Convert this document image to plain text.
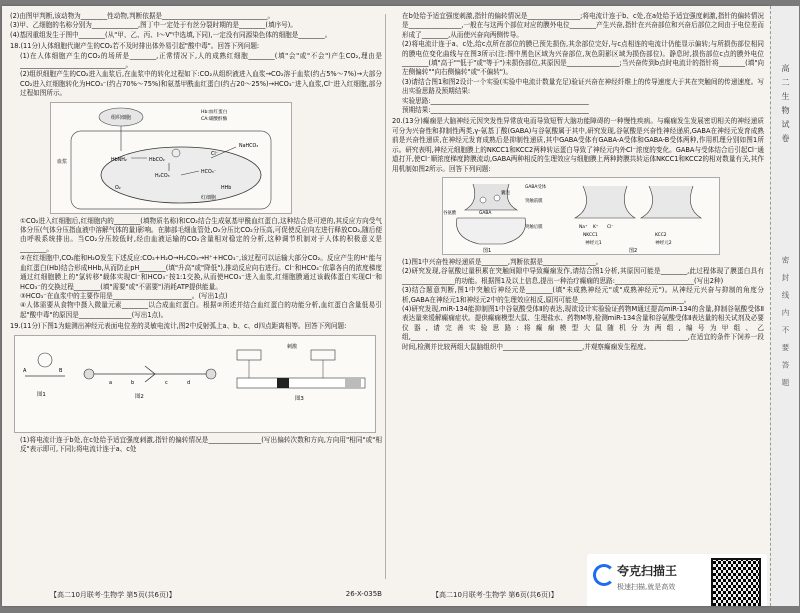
(2)由图甲判断,该动物为________性动物,判断依据是________________________________。

(3)甲、乙细胞的名称分别为______________,图丁中一定处于有丝分裂时期的是________(填序号)。

(4)基因重组发生于图中________(从"甲、乙、丙、Ⅰ～Ⅴ"中选填,下同),一定没有同源染色体的细胞是________。

18.(11分)人体细胞代谢产生的CO₂若不及时排出体外易引起"酸中毒"。回答下列问题:

(1)在人体细胞产生的CO₂的场所是________,正常情况下,人的成熟红细胞________(填"会"或"不会")产生CO₂,理由是________________________________。

(2)组织细胞产生的CO₂进入血浆后,在血浆中的转化过程如下:CO₂从组织液进入血浆→CO₂溶于血浆(约占5%～7%)→大部分CO₂进入红细胞转化为HCO₃⁻(约占70%～75%)和氨基甲酰血红蛋白(约占20～25%)→HCO₃⁻进入血浆,Cl⁻进入红细胞,部分过程如图所示。

组织细胞
Hb:血红蛋白
CA:碳酸酐酶
血浆
红细胞
HbNH₂	HbCO₂
H₂CO₃
HCO₃⁻
Cl⁻
NaHCO₃
HHb
O₂

①CO₂进入红细胞后,红细胞内的________(填物质名称)和CO₂结合生成氨基甲酰血红蛋白,这种结合是可逆的,其反应方向受气体分压(气体分压指血液中溶解气体的量)影响。在肺部毛细血管处,O₂分压比CO₂分压高,可促使反应向左进行释放CO₂,随后便由呼吸系统排出。当CO₂分压较低时,经由血液运输的CO₂含量相对稳定的分析,这种调节机制对于人体的积极意义是________。

②在红细胞中,CO₂能和H₂O发生下述反应:CO₂+H₂O→H₂CO₃→H⁺+HCO₃⁻,该过程可以运输大部分CO₂。反应产生的H⁺能与血红蛋白(Hb)结合形成HHb,从而防止pH________(填"升高"或"降低"),推动反应向右进行。Cl⁻和HCO₃⁻依靠各自的浓度梯度通过红细胞膜上的"氯转移"载体实现Cl⁻和HCO₃⁻按1:1交换,从而使HCO₃⁻进入血浆,红细胞膜通过该载体蛋白实现Cl⁻和HCO₃⁻的交换过程________(填"需要"或"不需要")消耗ATP提供能量。

③HCO₃⁻在血浆中的主要作用是________________________。(写出1点)

④人体需要从食物中摄入微量元素________以合成血红蛋白。根据②所述并结合血红蛋白的功能分析,血红蛋白含量低易引起"酸中毒"的原因是________________(写出1点)。

19.(11分)下图1为蛙测出神经元表面电位差的灵敏电流计,图2中反射弧上a、b、c、d四点距离相等。回答下列问题:

A	B
图1
a	b	c	d
图2
刺激
图3

(1)将电流计连于b处,在c处给予适宜强度刺激,指针的偏转情况是________________(写出偏转次数和方向,方向用"相同"或"相反"表示即可,下同);将电流计连于a、c处

在b处给予适宜强度刺激,指针的偏转情况是________________;将电流计连于b、c处,在a处给予适宜强度刺激,指针的偏转情况是________________,一般在与这两个部位对应的膜外电位________产生兴奋,指针在兴奋部位和兴奋后部位之间由于电位差而形成了________,从而使兴奋向两侧传导。

(2)将电流计连于a、c处,给c点所在部位的膜已预先损伤,其余部位完好,与c点相连的电流计仍能显示偏转;与所损伤部位相同的膜电位变化曲线与在图3所示(注:图中黑色区域为兴奋部位,灰色阴影区域为损伤部位)。静息时,损伤部位c点的膜外电位________(填"高于""低于"或"等于")未损伤部位,其原因是________________;当兴奋传到b点时电流计的指针将________(填"向左侧偏转""向右侧偏转"或"不偏转")。

(3)请结合图1和图2设计一个实验(实验中电流计数量充足)验证兴奋在神经纤维上的传导速度大于其在突触间的传递速度。写出实验思路及预期结果:

实验思路:________________________________________________

预期结果:________________________________________________

20.(13分)癫痫是大脑神经元因突发性异常放电而导致短暂大脑功能障碍的一种慢性疾病。与癫痫发生发展密切相关的神经递质可分为兴奋性和抑制性两类,γ-氨基丁酸(GABA)与谷氨酸属于其中,研究发现,谷氨酸是兴奋性神经递质,GABA在神经元发育成熟前是兴奋性递质,在神经元发育成熟后是抑制性递质,其中GABA受体有GABA-A受体和GABA-B受体两种,作用机理分别如图1所示。研究表明,神经元细胞膜上的NKCC1和KCC2两种转运蛋白导致了神经元内外Cl⁻浓度的变化。GABA与受体结合后引起Cl⁻通道打开,使Cl⁻顺浓度梯度跨膜流动,GABA两种相反的生理效应与细胞膜上两种跨膜共转运体NKCC1和KCC2的相对数量有关,其作用机制如图2所示。回答下列问题:

GABA受体
突触前膜
突触后膜
谷氨酸	GABA
囊泡
图1
Na⁺ K⁺ Cl⁻
NKCC1	KCC2
神经元1	神经元2
图2

(1)图1中兴奋性神经递质是________,判断依据是________________。

(2)研究发现,谷氨酸过量积累在突触间隙中导致癫痫发作,请结合图1分析,其原因可能是________,此过程体现了膜蛋白具有________________的功能。根据图1及以上信息,提出一种治疗癫痫的思路:________________________(写出2种)

(3)结合题意判断,图1中突触后神经元是________(填"未成熟神经元"或"成熟神经元")。从神经元兴奋与抑制的角度分析,GABA在神经元1和神经元2中的生理效应相反,原因可能是________________________________。

(4)研究发现,miR-134能抑制图1中谷氨酸受体Ⅱ的表达,现欲设计实验验证药物M通过提高miR-134的含量,抑制谷氨酸受体Ⅱ表达量来缓解癫痫症状。提供癫痫模型大鼠、生理盐水、药物M等,检测miR-134含量和谷氨酸受体Ⅱ表达量的相关试剂及必要仪器,请完善实验思路:将癫痫模型大鼠随机分为两组,编号为甲组、乙组,____________________________________________________________________________________,在适宜的条件下饲养一段时间,检测并比较两组大鼠脑组织中________________________,并观察癫痫发生程度。

【高二10月联考·生物学 第5页(共6页)】	26-X-035B	【高二10月联考·生物学 第6页(共6页)】
夸克扫描王
极速扫描,就是高效
高二生物试卷
密封线内不要答题
